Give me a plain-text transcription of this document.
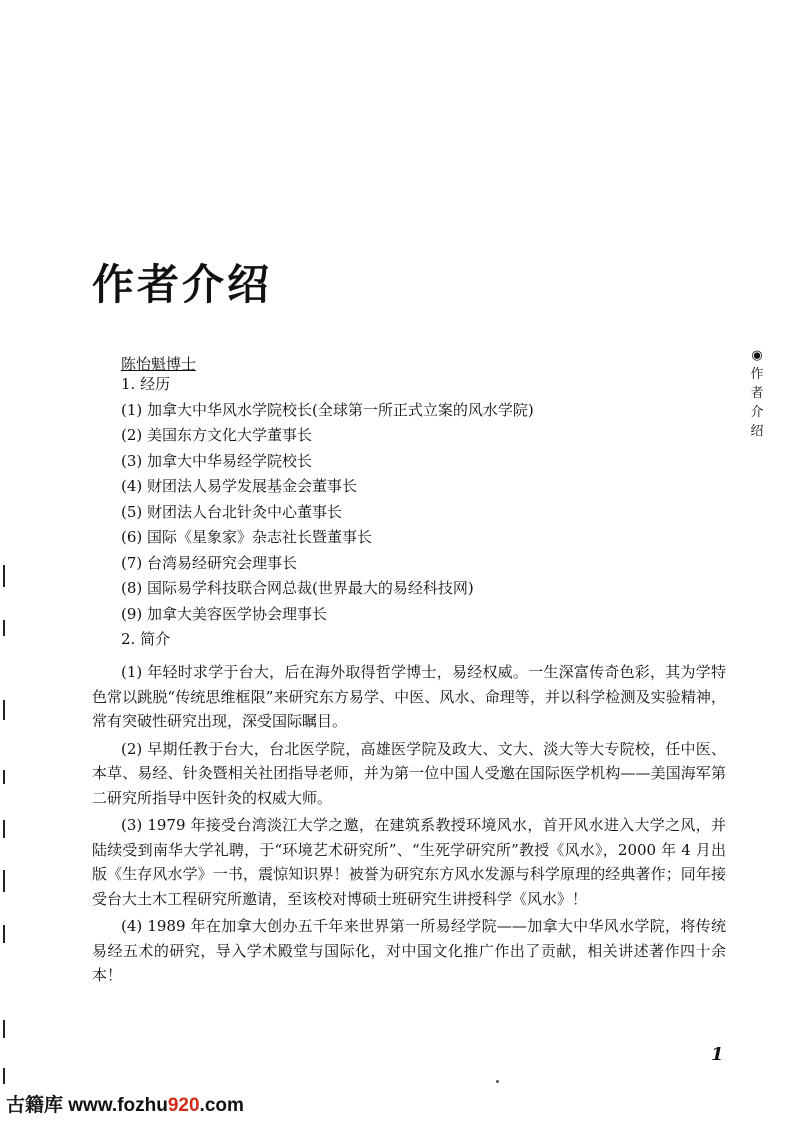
作者介绍
陈怡魁博士	◉
作
者
介
绍
1. 经历
(1) 加拿大中华风水学院校长(全球第一所正式立案的风水学院)
(2) 美国东方文化大学董事长
(3) 加拿大中华易经学院校长
(4) 财团法人易学发展基金会董事长
(5) 财团法人台北针灸中心董事长
(6) 国际《星象家》杂志社长暨董事长
(7) 台湾易经研究会理事长
(8) 国际易学科技联合网总裁(世界最大的易经科技网)
(9) 加拿大美容医学协会理事长
2. 简介

(1) 年轻时求学于台大，后在海外取得哲学博士，易经权威。一生深富传奇色彩，其为学特色常以跳脱“传统思维框限”来研究东方易学、中医、风水、命理等，并以科学检测及实验精神，常有突破性研究出现，深受国际瞩目。

(2) 早期任教于台大，台北医学院，高雄医学院及政大、文大、淡大等大专院校，任中医、本草、易经、针灸暨相关社团指导老师，并为第一位中国人受邀在国际医学机构——美国海军第二研究所指导中医针灸的权威大师。

(3) 1979 年接受台湾淡江大学之邀，在建筑系教授环境风水，首开风水进入大学之风，并陆续受到南华大学礼聘，于“环境艺术研究所”、“生死学研究所”教授《风水》，2000 年 4 月出版《生存风水学》一书，震惊知识界！被誉为研究东方风水发源与科学原理的经典著作；同年接受台大土木工程研究所邀请，至该校对博硕士班研究生讲授科学《风水》！

(4) 1989 年在加拿大创办五千年来世界第一所易经学院——加拿大中华风水学院，将传统易经五术的研究，导入学术殿堂与国际化，对中国文化推广作出了贡献，相关讲述著作四十余本！

1
古籍库 www.fozhu920.com
